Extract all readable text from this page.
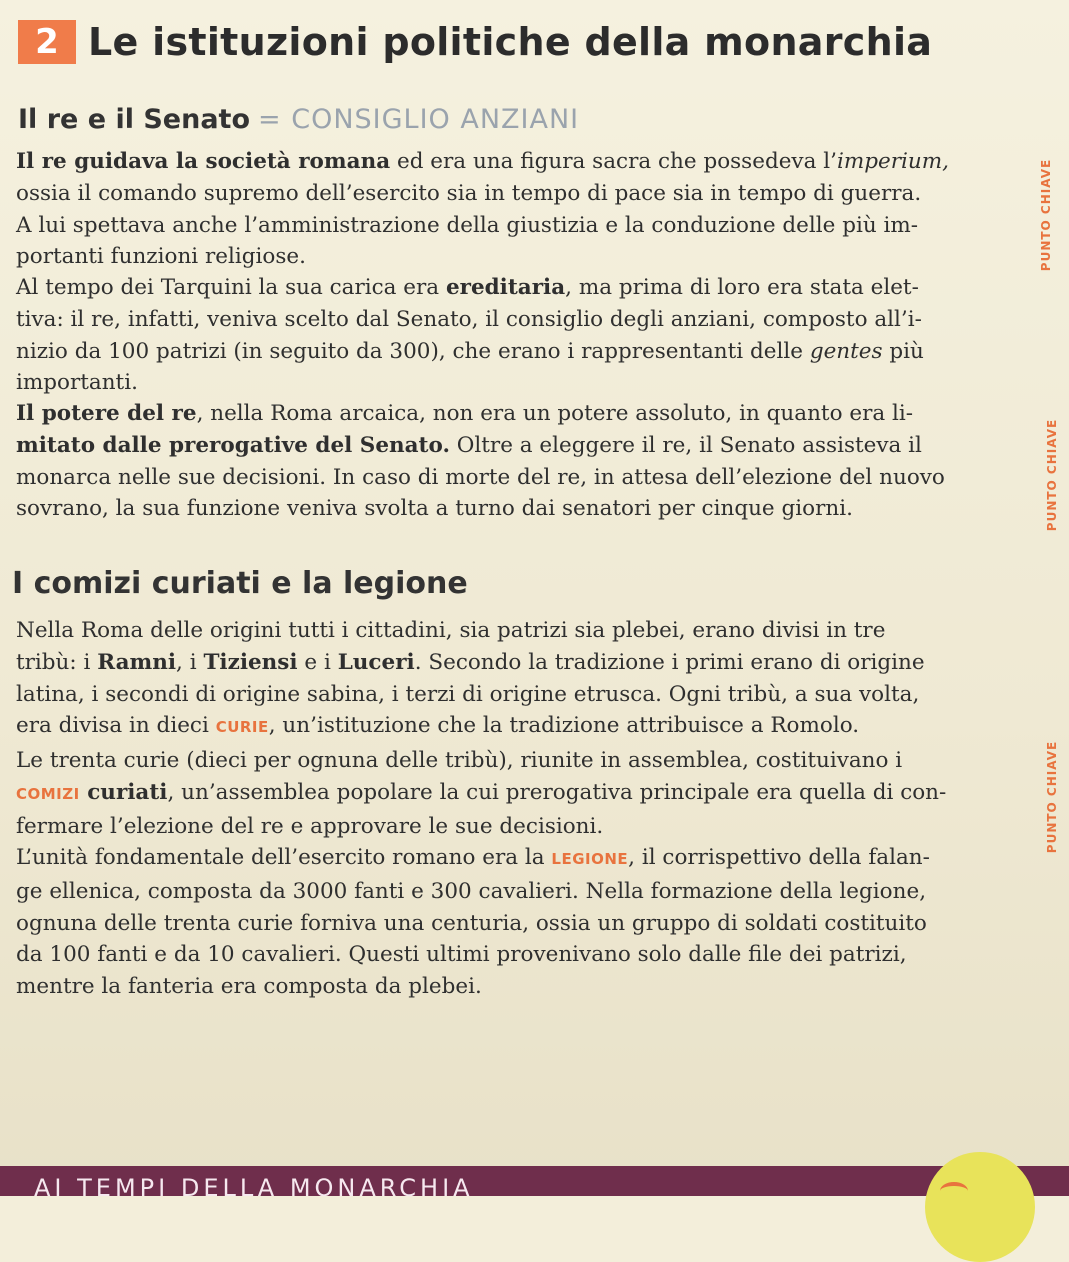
2 Le istituzioni politiche della monarchia
Il re e il Senato = CONSIGLIO ANZIANI
Il re guidava la società romana ed era una figura sacra che possedeva l’imperium,
ossia il comando supremo dell’esercito sia in tempo di pace sia in tempo di guerra.
A lui spettava anche l’amministrazione della giustizia e la conduzione delle più im-
portanti funzioni religiose.
Al tempo dei Tarquini la sua carica era ereditaria, ma prima di loro era stata elet-
tiva: il re, infatti, veniva scelto dal Senato, il consiglio degli anziani, composto all’i-
nizio da 100 patrizi (in seguito da 300), che erano i rappresentanti delle gentes più
importanti.
Il potere del re, nella Roma arcaica, non era un potere assoluto, in quanto era li-
mitato dalle prerogative del Senato. Oltre a eleggere il re, il Senato assisteva il
monarca nelle sue decisioni. In caso di morte del re, in attesa dell’elezione del nuovo
sovrano, la sua funzione veniva svolta a turno dai senatori per cinque giorni.
I comizi curiati e la legione
Nella Roma delle origini tutti i cittadini, sia patrizi sia plebei, erano divisi in tre
tribù: i Ramni, i Tiziensi e i Luceri. Secondo la tradizione i primi erano di origine
latina, i secondi di origine sabina, i terzi di origine etrusca. Ogni tribù, a sua volta,
era divisa in dieci CURIE, un’istituzione che la tradizione attribuisce a Romolo.
Le trenta curie (dieci per ognuna delle tribù), riunite in assemblea, costituivano i
COMIZI curiati, un’assemblea popolare la cui prerogativa principale era quella di con-
fermare l’elezione del re e approvare le sue decisioni.
L’unità fondamentale dell’esercito romano era la LEGIONE, il corrispettivo della falan-
ge ellenica, composta da 3000 fanti e 300 cavalieri. Nella formazione della legione,
ognuna delle trenta curie forniva una centuria, ossia un gruppo di soldati costituito
da 100 fanti e da 10 cavalieri. Questi ultimi provenivano solo dalle file dei patrizi,
mentre la fanteria era composta da plebei.
PUNTO CHIAVE
PUNTO CHIAVE
PUNTO CHIAVE
AI TEMPI DELLA MONARCHIA
